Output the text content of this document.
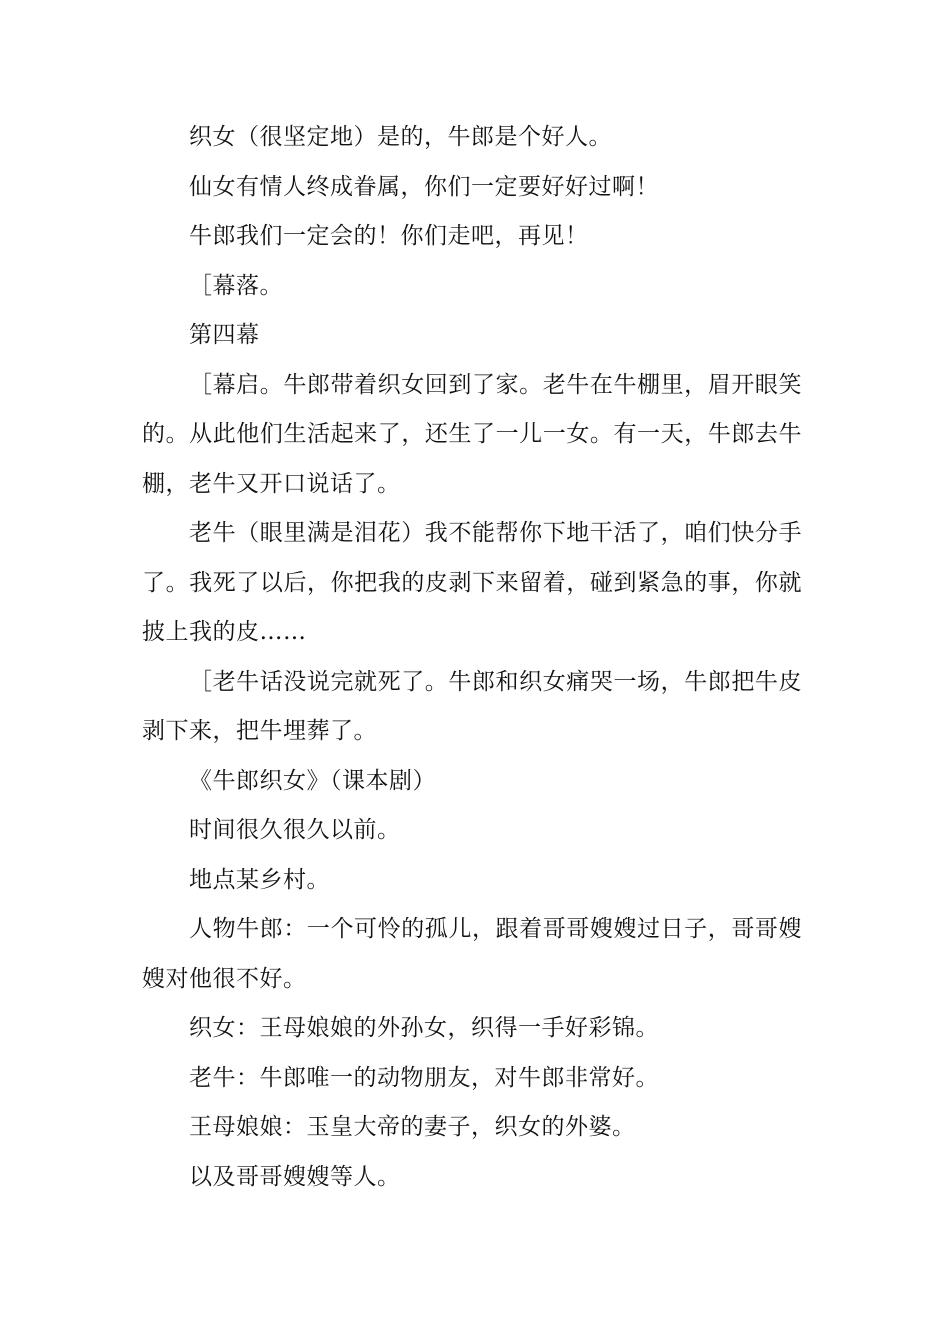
织女（很坚定地）是的，牛郎是个好人。

仙女有情人终成眷属，你们一定要好好过啊！

牛郎我们一定会的！你们走吧，再见！

［幕落。

第四幕

［幕启。牛郎带着织女回到了家。老牛在牛棚里，眉开眼笑的。从此他们生活起来了，还生了一儿一女。有一天，牛郎去牛棚，老牛又开口说话了。

老牛（眼里满是泪花）我不能帮你下地干活了，咱们快分手了。我死了以后，你把我的皮剥下来留着，碰到紧急的事，你就披上我的皮……

［老牛话没说完就死了。牛郎和织女痛哭一场，牛郎把牛皮剥下来，把牛埋葬了。

《牛郎织女》（课本剧）

时间很久很久以前。

地点某乡村。

人物牛郎：一个可怜的孤儿，跟着哥哥嫂嫂过日子，哥哥嫂嫂对他很不好。

织女：王母娘娘的外孙女，织得一手好彩锦。

老牛：牛郎唯一的动物朋友，对牛郎非常好。

王母娘娘：玉皇大帝的妻子，织女的外婆。

以及哥哥嫂嫂等人。
